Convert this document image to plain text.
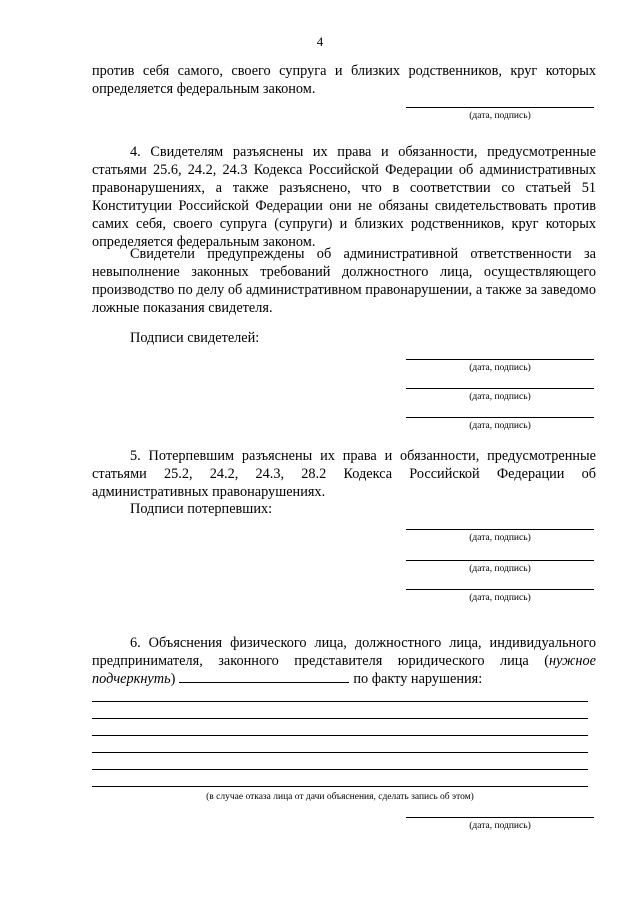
4

против себя самого, своего супруга и близких родственников, круг которых определяется федеральным законом.

(дата, подпись)

4. Свидетелям разъяснены их права и обязанности, предусмотренные статьями 25.6, 24.2, 24.3 Кодекса Российской Федерации об административных правонарушениях, а также разъяснено, что в соответствии со статьей 51 Конституции Российской Федерации они не обязаны свидетельствовать против самих себя, своего супруга (супруги) и близких родственников, круг которых определяется федеральным законом.

Свидетели предупреждены об административной ответственности за невыполнение законных требований должностного лица, осуществляющего производство по делу об административном правонарушении, а также за заведомо ложные показания свидетеля.

Подписи свидетелей:

(дата, подпись)
(дата, подпись)
(дата, подпись)

5. Потерпевшим разъяснены их права и обязанности, предусмотренные статьями 25.2, 24.2, 24.3, 28.2 Кодекса Российской Федерации об административных правонарушениях.

Подписи потерпевших:

(дата, подпись)
(дата, подпись)
(дата, подпись)

6. Объяснения физического лица, должностного лица, индивидуального

предпринимателя, законного представителя юридического лица (нужное

подчеркнуть)	по факту нарушения:

(в случае отказа лица от дачи объяснения, сделать запись об этом)
(дата, подпись)
